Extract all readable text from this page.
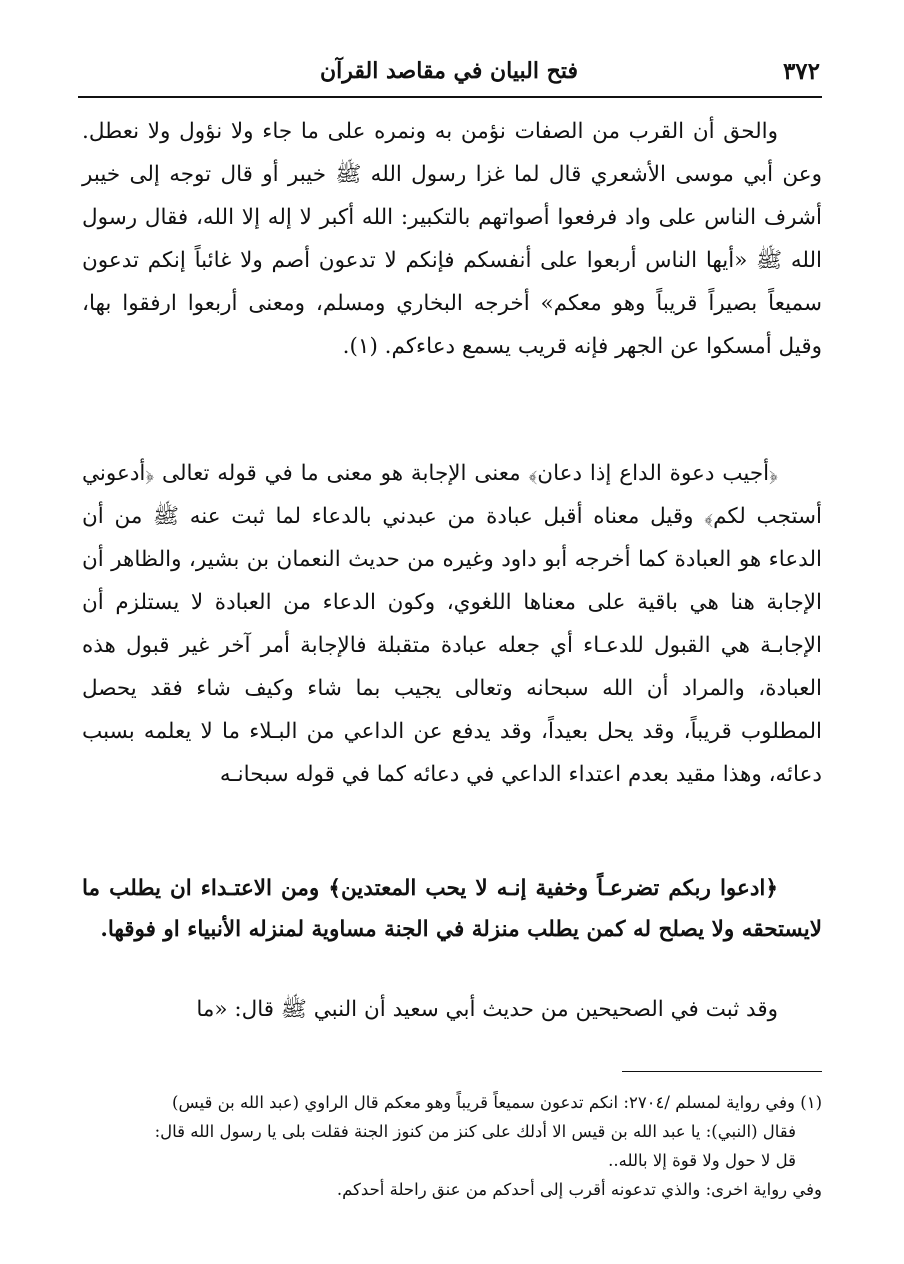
٣٧٢
فتح البيان في مقاصد القرآن
والحق أن القرب من الصفات نؤمن به ونمره على ما جاء ولا نؤول ولا نعطل. وعن أبي موسى الأشعري قال لما غزا رسول الله ﷺ خيبر أو قال توجه إلى خيبر أشرف الناس على واد فرفعوا أصواتهم بالتكبير: الله أكبر لا إله إلا الله، فقال رسول الله ﷺ «أيها الناس أربعوا على أنفسكم فإنكم لا تدعون أصم ولا غائباً إنكم تدعون سميعاً بصيراً قريباً وهو معكم» أخرجه البخاري ومسلم، ومعنى أربعوا ارفقوا بها، وقيل أمسكوا عن الجهر فإنه قريب يسمع دعاءكم. (١).
﴿أجيب دعوة الداع إذا دعان﴾ معنى الإجابة هو معنى ما في قوله تعالى ﴿أدعوني أستجب لكم﴾ وقيل معناه أقبل عبادة من عبدني بالدعاء لما ثبت عنه ﷺ من أن الدعاء هو العبادة كما أخرجه أبو داود وغيره من حديث النعمان بن بشير، والظاهر أن الإجابة هنا هي باقية على معناها اللغوي، وكون الدعاء من العبادة لا يستلزم أن الإجابـة هي القبول للدعـاء أي جعله عبادة متقبلة فالإجابة أمر آخر غير قبول هذه العبادة، والمراد أن الله سبحانه وتعالى يجيب بما شاء وكيف شاء فقد يحصل المطلوب قريباً، وقد يحل بعيداً، وقد يدفع عن الداعي من البـلاء ما لا يعلمه بسبب دعائه، وهذا مقيد بعدم اعتداء الداعي في دعائه كما في قوله سبحانـه
﴿ادعوا ربكم تضرعـاً وخفية إنـه لا يحب المعتدين﴾ ومن الاعتـداء ان يطلب ما لايستحقه ولا يصلح له كمن يطلب منزلة في الجنة مساوية لمنزله الأنبياء او فوقها.
وقد ثبت في الصحيحين من حديث أبي سعيد أن النبي ﷺ قال: «ما
(١) وفي رواية لمسلم /٢٧٠٤: انكم تدعون سميعاً قريباً وهو معكم قال الراوي (عبد الله بن قيس)
فقال (النبي): يا عبد الله بن قيس الا أدلك على كنز من كنوز الجنة فقلت بلى يا رسول الله قال:
قل لا حول ولا قوة إلا بالله..
وفي رواية اخرى: والذي تدعونه أقرب إلى أحدكم من عنق راحلة أحدكم.
